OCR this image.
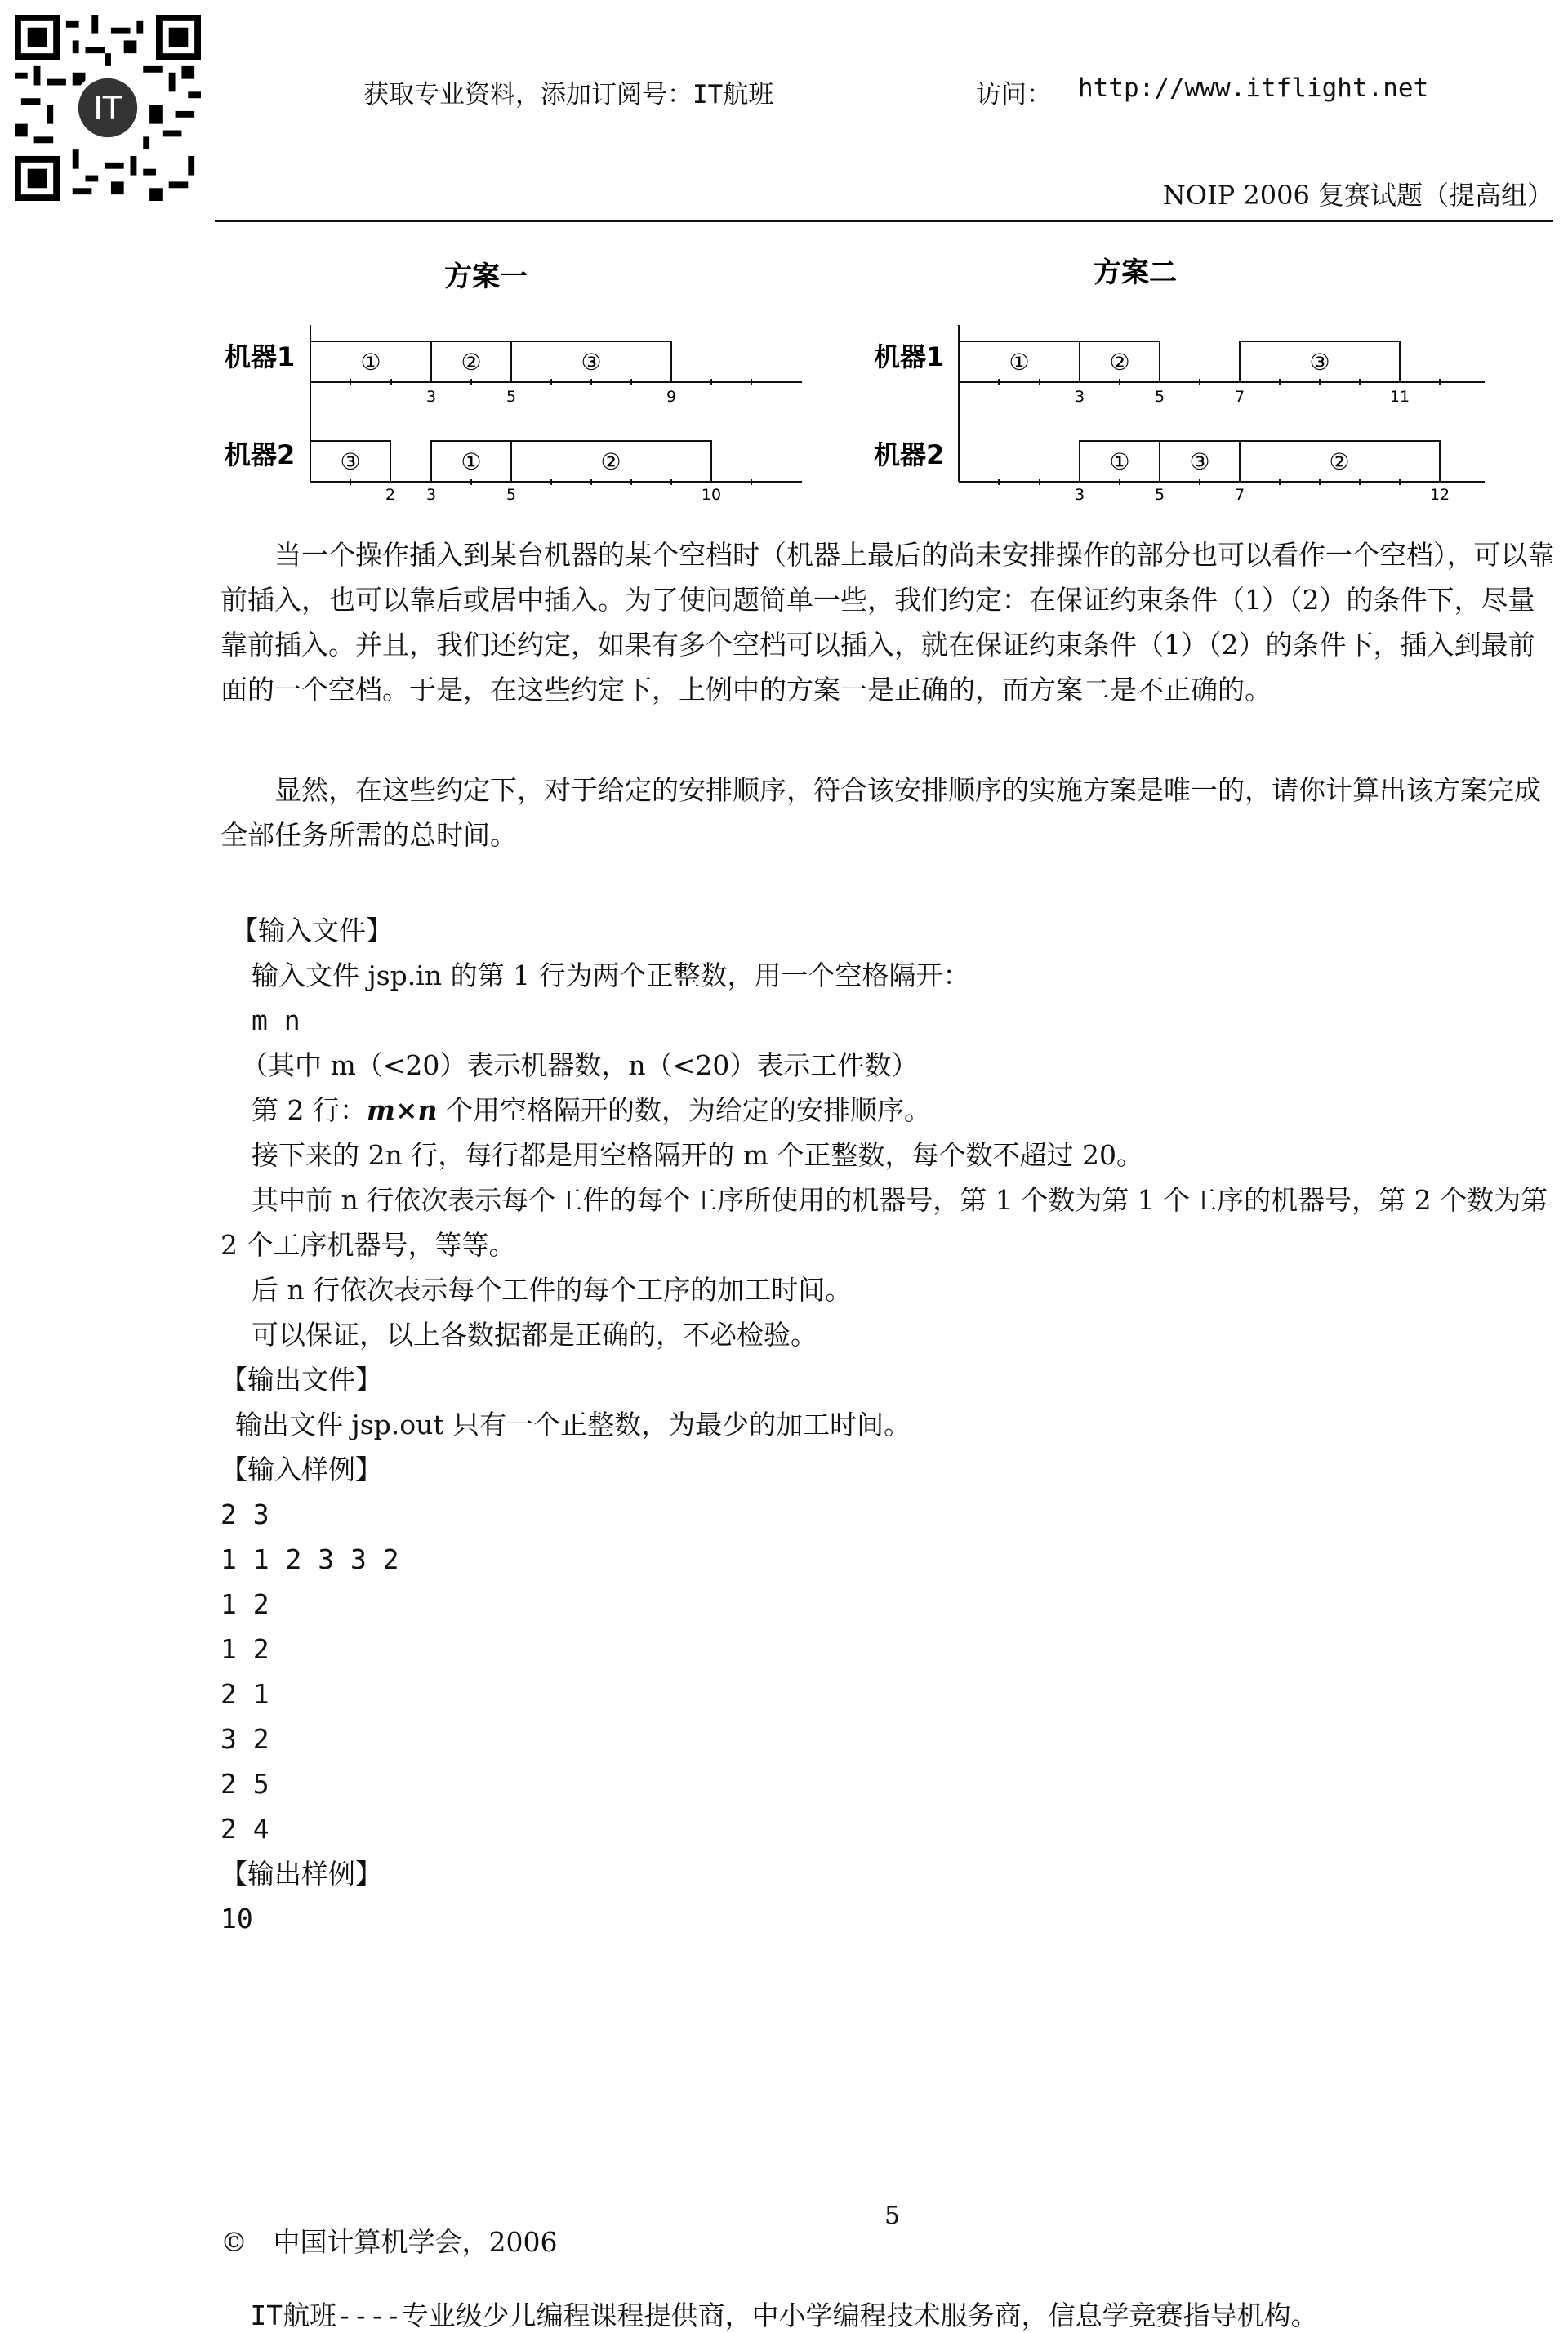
IT	获取专业资料，添加订阅号：IT航班	访问： http://www.itflight.net
NOIP 2006 复赛试题（提高组）
方案一
机器1
机器2
①	②	③
③	①	②
3	5	9
2 3	5	10
方案二
机器1
机器2
①	②	③
①	③	②
3	5	7	11
3	5	7	12
当一个操作插入到某台机器的某个空档时（机器上最后的尚未安排操作的部分也可以看作一个空档），可以靠前插入，也可以靠后或居中插入。为了使问题简单一些，我们约定：在保证约束条件（1）（2）的条件下，尽量靠前插入。并且，我们还约定，如果有多个空档可以插入，就在保证约束条件（1）（2）的条件下，插入到最前面的一个空档。于是，在这些约定下，上例中的方案一是正确的，而方案二是不正确的。
显然，在这些约定下，对于给定的安排顺序，符合该安排顺序的实施方案是唯一的，请你计算出该方案完成全部任务所需的总时间。
【输入文件】
输入文件 jsp.in 的第 1 行为两个正整数，用一个空格隔开：
m n
（其中 m（<20）表示机器数，n（<20）表示工件数）
第 2 行：m×n 个用空格隔开的数，为给定的安排顺序。
接下来的 2n 行，每行都是用空格隔开的 m 个正整数，每个数不超过 20。
其中前 n 行依次表示每个工件的每个工序所使用的机器号，第 1 个数为第 1 个工序的机器号，第 2 个数为第 2 个工序机器号，等等。
后 n 行依次表示每个工件的每个工序的加工时间。
可以保证，以上各数据都是正确的，不必检验。
【输出文件】
输出文件 jsp.out 只有一个正整数，为最少的加工时间。
【输入样例】
2 3
1 1 2 3 3 2
1 2
1 2
2 1
3 2
2 5
2 4
【输出样例】
10
5
© 中国计算机学会，2006
IT航班----专业级少儿编程课程提供商，中小学编程技术服务商，信息学竞赛指导机构。
